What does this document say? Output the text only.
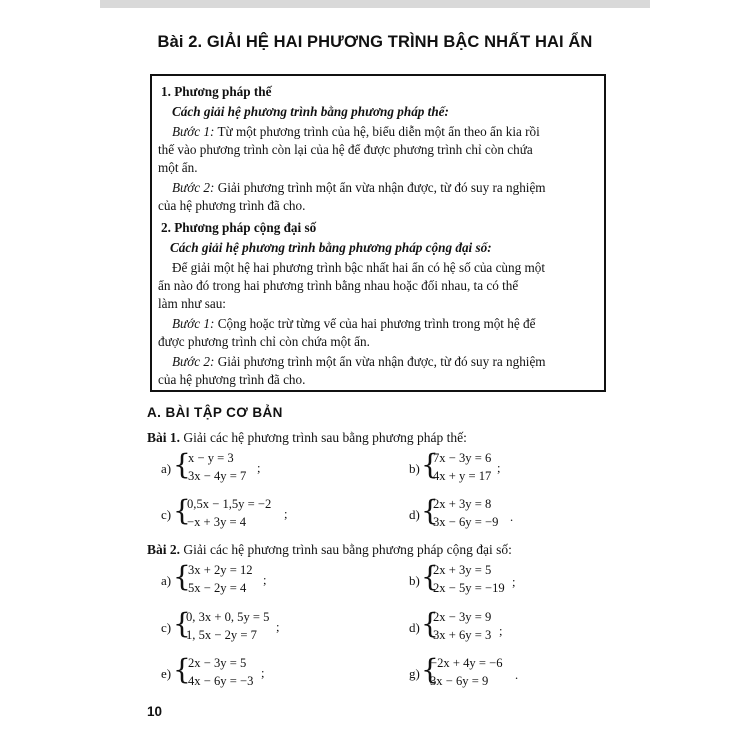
Bài 2. GIẢI HỆ HAI PHƯƠNG TRÌNH BẬC NHẤT HAI ẨN
1. Phương pháp thế
Cách giải hệ phương trình bằng phương pháp thế:
Bước 1: Từ một phương trình của hệ, biểu diễn một ẩn theo ẩn kia rồi
thế vào phương trình còn lại của hệ để được phương trình chỉ còn chứa
một ẩn.
Bước 2: Giải phương trình một ẩn vừa nhận được, từ đó suy ra nghiệm
của hệ phương trình đã cho.
2. Phương pháp cộng đại số
Cách giải hệ phương trình bằng phương pháp cộng đại số:
Để giải một hệ hai phương trình bậc nhất hai ẩn có hệ số của cùng một
ẩn nào đó trong hai phương trình bằng nhau hoặc đối nhau, ta có thể
làm như sau:
Bước 1: Cộng hoặc trừ từng vế của hai phương trình trong một hệ để
được phương trình chỉ còn chứa một ẩn.
Bước 2: Giải phương trình một ẩn vừa nhận được, từ đó suy ra nghiệm
của hệ phương trình đã cho.
A. BÀI TẬP CƠ BẢN
Bài 1. Giải các hệ phương trình sau bằng phương pháp thế:
a) {
x − y = 3
3x − 4y = 7
;	b) {
7x − 3y = 6
4x + y = 17
;
c) {
0,5x − 1,5y = −2
−x + 3y = 4
;	d) {
2x + 3y = 8
3x − 6y = −9 .
Bài 2. Giải các hệ phương trình sau bằng phương pháp cộng đại số:
a) {
3x + 2y = 12
5x − 2y = 4
;	b) {
2x + 3y = 5
2x − 5y = −19 ;
c) {
0, 3x + 0, 5y = 5
1, 5x − 2y = 7
;	d) {
2x − 3y = 9
3x + 6y = 3 ;
e) {
2x − 3y = 5
4x − 6y = −3
;	g) {
−2x + 4y = −6
3x − 6y = 9 .
10
